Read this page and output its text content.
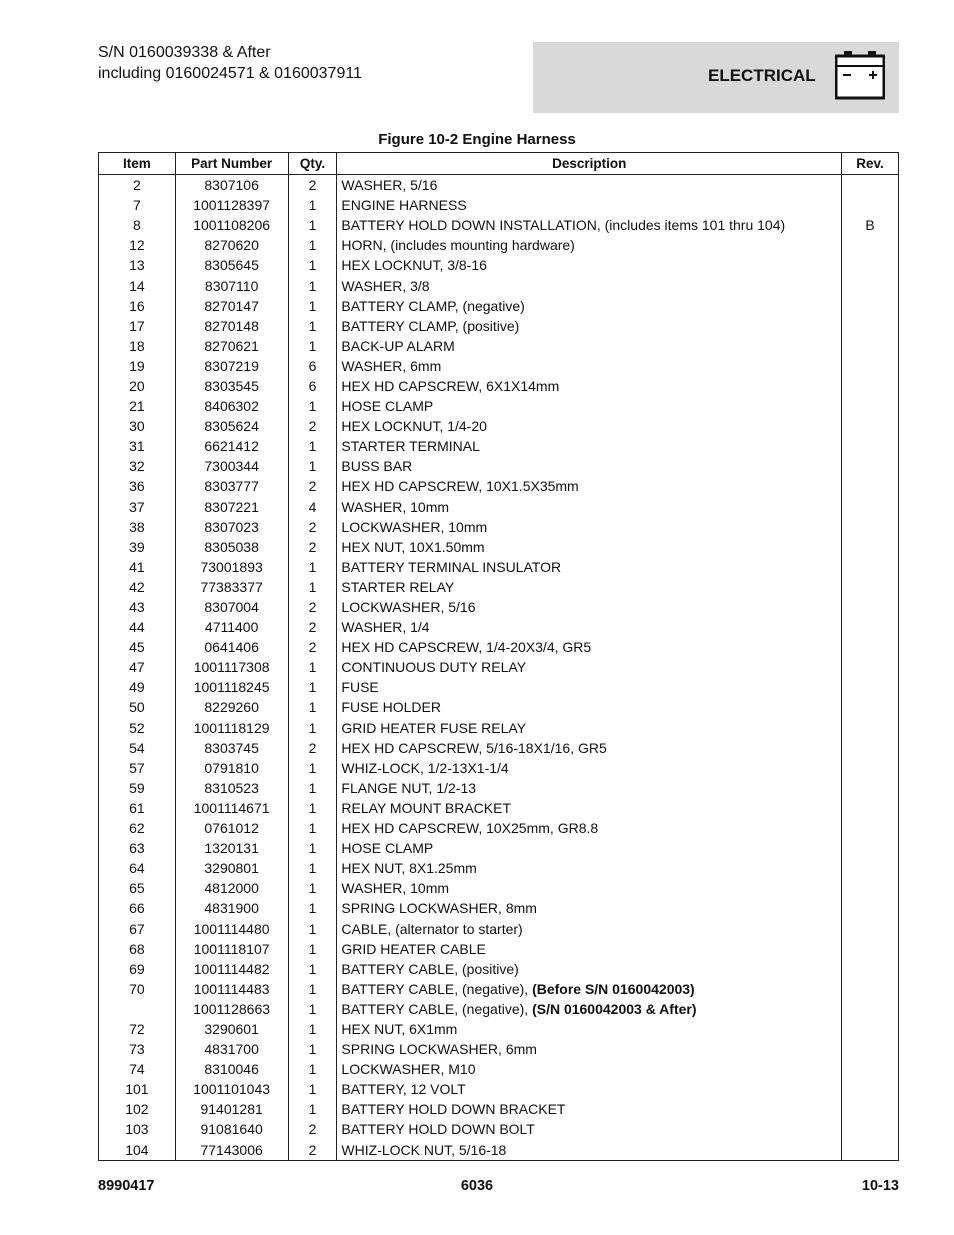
S/N 0160039338 & After
including 0160024571 & 0160037911	ELECTRICAL
Figure 10-2 Engine Harness
Item	Part Number	Qty.	Description	Rev.
2	8307106	2	WASHER, 5/16	
7	1001128397	1	ENGINE HARNESS	
8	1001108206	1	BATTERY HOLD DOWN INSTALLATION, (includes items 101 thru 104)	B
12	8270620	1	HORN, (includes mounting hardware)	
13	8305645	1	HEX LOCKNUT, 3/8-16	
14	8307110	1	WASHER, 3/8	
16	8270147	1	BATTERY CLAMP, (negative)	
17	8270148	1	BATTERY CLAMP, (positive)	
18	8270621	1	BACK-UP ALARM	
19	8307219	6	WASHER, 6mm	
20	8303545	6	HEX HD CAPSCREW, 6X1X14mm	
21	8406302	1	HOSE CLAMP	
30	8305624	2	HEX LOCKNUT, 1/4-20	
31	6621412	1	STARTER TERMINAL	
32	7300344	1	BUSS BAR	
36	8303777	2	HEX HD CAPSCREW, 10X1.5X35mm	
37	8307221	4	WASHER, 10mm	
38	8307023	2	LOCKWASHER, 10mm	
39	8305038	2	HEX NUT, 10X1.50mm	
41	73001893	1	BATTERY TERMINAL INSULATOR	
42	77383377	1	STARTER RELAY	
43	8307004	2	LOCKWASHER, 5/16	
44	4711400	2	WASHER, 1/4	
45	0641406	2	HEX HD CAPSCREW, 1/4-20X3/4, GR5	
47	1001117308	1	CONTINUOUS DUTY RELAY	
49	1001118245	1	FUSE	
50	8229260	1	FUSE HOLDER	
52	1001118129	1	GRID HEATER FUSE RELAY	
54	8303745	2	HEX HD CAPSCREW, 5/16-18X1/16, GR5	
57	0791810	1	WHIZ-LOCK, 1/2-13X1-1/4	
59	8310523	1	FLANGE NUT, 1/2-13	
61	1001114671	1	RELAY MOUNT BRACKET	
62	0761012	1	HEX HD CAPSCREW, 10X25mm, GR8.8	
63	1320131	1	HOSE CLAMP	
64	3290801	1	HEX NUT, 8X1.25mm	
65	4812000	1	WASHER, 10mm	
66	4831900	1	SPRING LOCKWASHER, 8mm	
67	1001114480	1	CABLE, (alternator to starter)	
68	1001118107	1	GRID HEATER CABLE	
69	1001114482	1	BATTERY CABLE, (positive)	
70	1001114483	1	BATTERY CABLE, (negative), (Before S/N 0160042003)	
	1001128663	1	BATTERY CABLE, (negative), (S/N 0160042003 & After)	
72	3290601	1	HEX NUT, 6X1mm	
73	4831700	1	SPRING LOCKWASHER, 6mm	
74	8310046	1	LOCKWASHER, M10	
101	1001101043	1	BATTERY, 12 VOLT	
102	91401281	1	BATTERY HOLD DOWN BRACKET	
103	91081640	2	BATTERY HOLD DOWN BOLT	
104	77143006	2	WHIZ-LOCK NUT, 5/16-18	
8990417	6036	10-13
